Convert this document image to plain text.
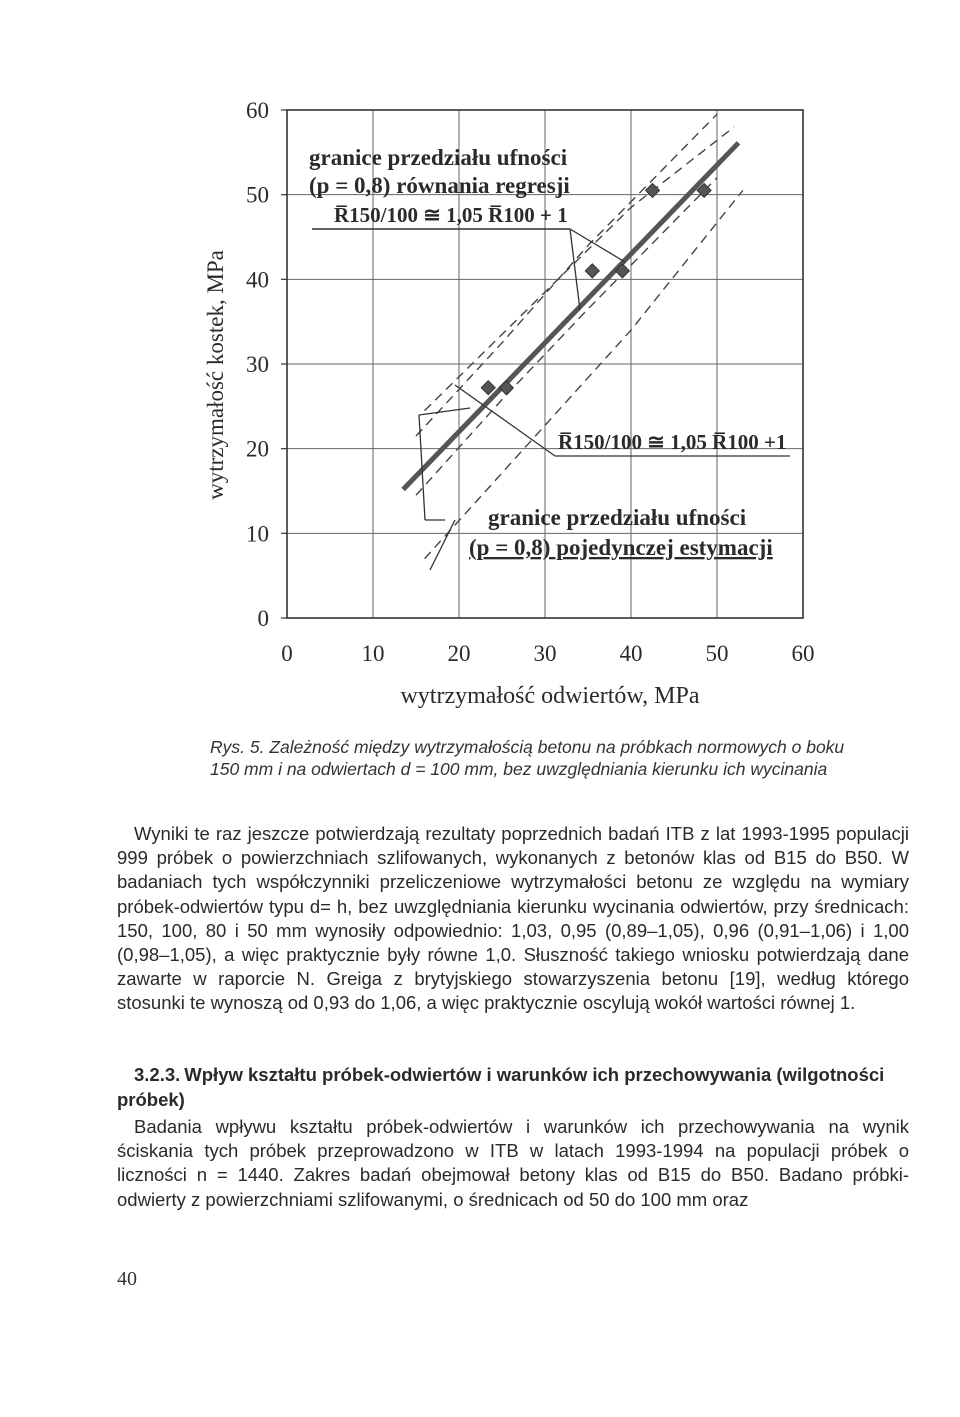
0	10	20	30	40	50	60
0
10
20
30
40
50
60
wytrzymałość odwiertów, MPa
wytrzymałość kostek, MPa
granice przedziału ufności
(p = 0,8) równania regresji
R̅150/100 ≅ 1,05 R̅100 + 1
R̅150/100 ≅ 1,05 R̅100 +1
granice przedziału ufności
(p = 0,8) pojedynczej estymacji
Rys. 5. Zależność między wytrzymałością betonu na próbkach normowych o boku 150 mm i na odwiertach d = 100 mm, bez uwzględniania kierunku ich wycinania

Wyniki te raz jeszcze potwierdzają rezultaty poprzednich badań ITB z lat 1993-1995 populacji 999 próbek o powierzchniach szlifowanych, wykonanych z betonów klas od B15 do B50. W badaniach tych współczynniki przeliczeniowe wytrzymałości betonu ze względu na wymiary próbek-odwiertów typu d= h, bez uwzględniania kierunku wycinania odwiertów, przy średnicach: 150, 100, 80 i 50 mm wynosiły odpowiednio: 1,03, 0,95 (0,89–1,05), 0,96 (0,91–1,06) i 1,00 (0,98–1,05), a więc praktycznie były równe 1,0. Słuszność takiego wniosku potwierdzają dane zawarte w raporcie N. Greiga z brytyjskiego stowarzyszenia betonu [19], według którego stosunki te wynoszą od 0,93 do 1,06, a więc praktycznie oscylują wokół wartości równej 1.

3.2.3. Wpływ kształtu próbek-odwiertów i warunków ich przechowywania (wilgotności próbek)

Badania wpływu kształtu próbek-odwiertów i warunków ich przechowywania na wynik ściskania tych próbek przeprowadzono w ITB w latach 1993-1994 na populacji próbek o liczności n = 1440. Zakres badań obejmował betony klas od B15 do B50. Badano próbki-odwierty z powierzchniami szlifowanymi, o średnicach od 50 do 100 mm oraz

40
